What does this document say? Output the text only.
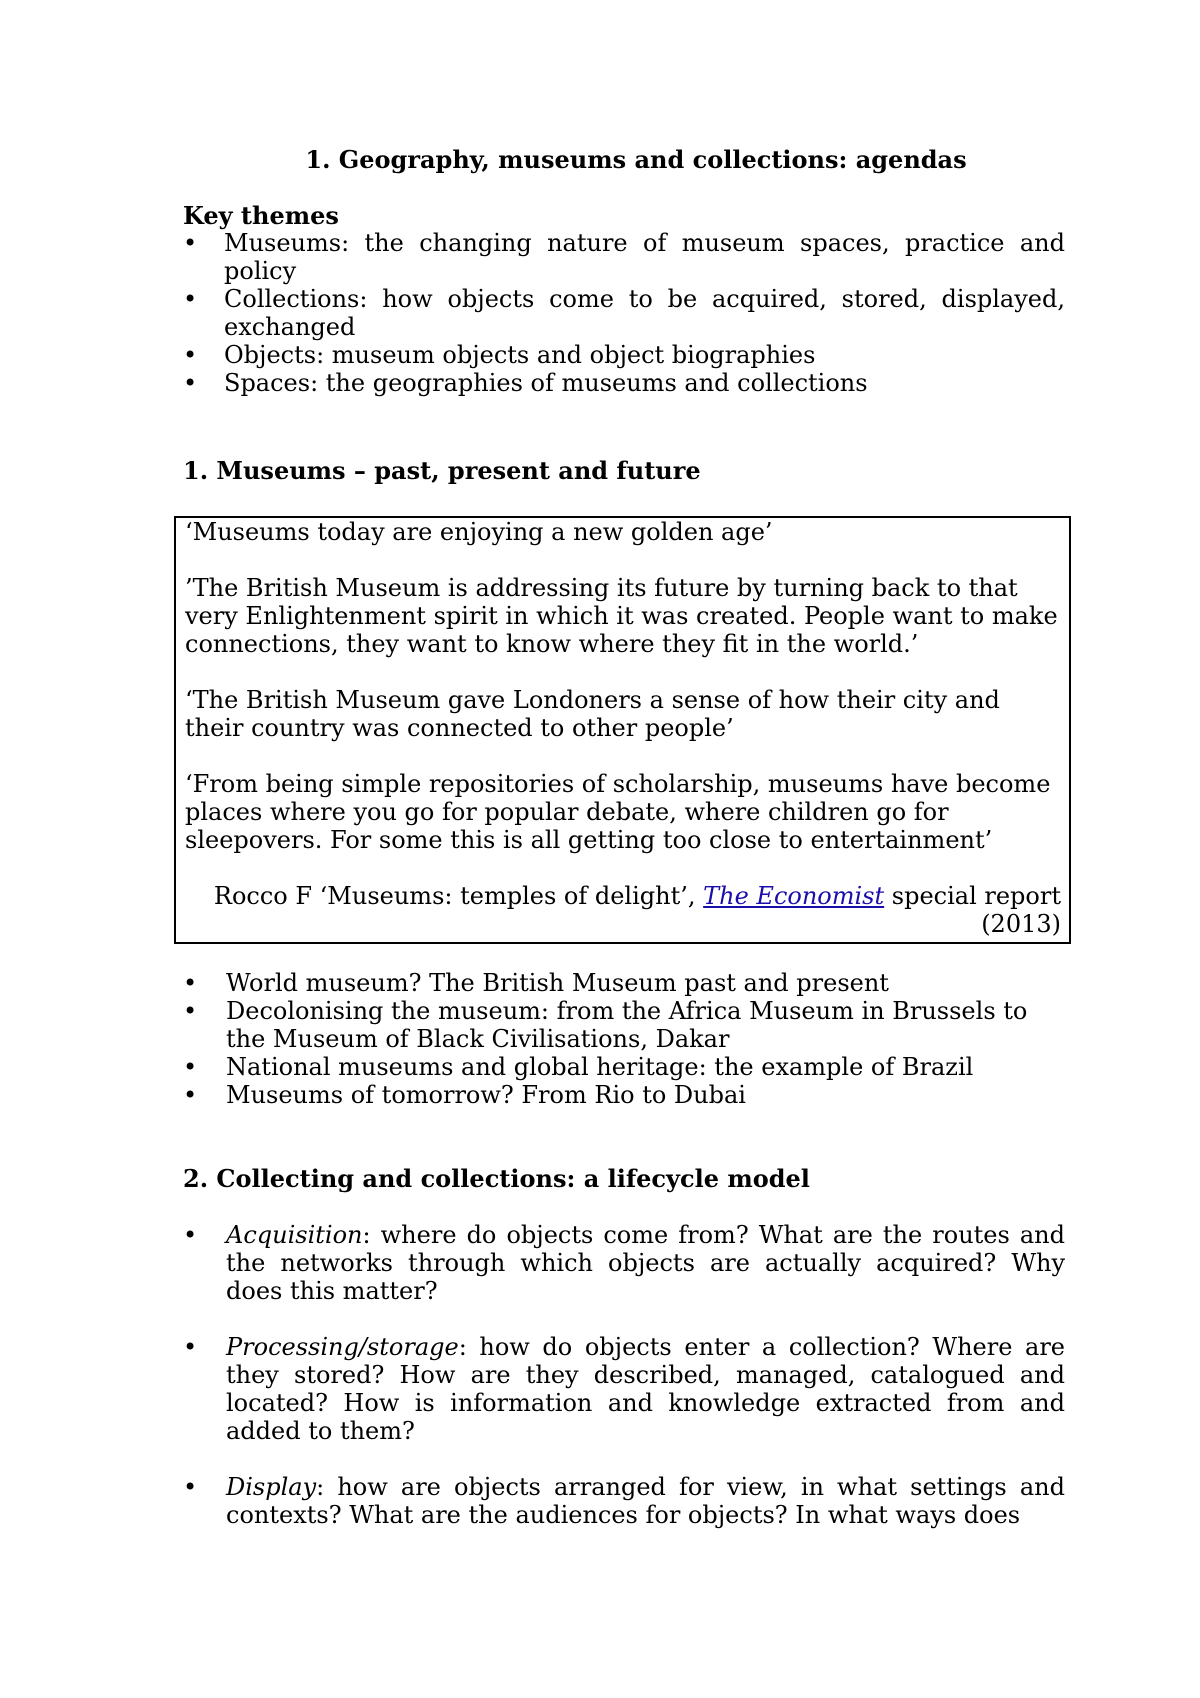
1. Geography, museums and collections: agendas
Key themes
• Museums: the changing nature of museum spaces, practice and policy
• Collections: how objects come to be acquired, stored, displayed, exchanged
• Objects: museum objects and object biographies
• Spaces: the geographies of museums and collections
1. Museums – past, present and future

‘Museums today are enjoying a new golden age’

’The British Museum is addressing its future by turning back to that very Enlightenment spirit in which it was created. People want to make connections, they want to know where they fit in the world.’

‘The British Museum gave Londoners a sense of how their city and their country was connected to other people’

‘From being simple repositories of scholarship, museums have become places where you go for popular debate, where children go for sleepovers. For some this is all getting too close to entertainment’

Rocco F ‘Museums: temples of delight’, The Economist special report

(2013)

• World museum? The British Museum past and present
• Decolonising the museum: from the Africa Museum in Brussels to the Museum of Black Civilisations, Dakar
• National museums and global heritage: the example of Brazil
• Museums of tomorrow? From Rio to Dubai
2. Collecting and collections: a lifecycle model
• Acquisition: where do objects come from? What are the routes and the networks through which objects are actually acquired? Why does this matter?
• Processing/storage: how do objects enter a collection? Where are they stored? How are they described, managed, catalogued and located? How is information and knowledge extracted from and added to them?
• Display: how are objects arranged for view, in what settings and contexts? What are the audiences for objects? In what ways does
